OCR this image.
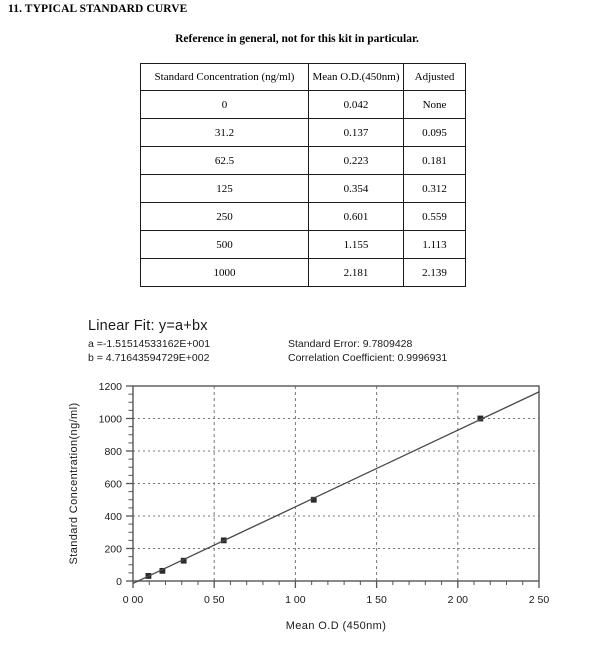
11. TYPICAL STANDARD CURVE
Reference in general, not for this kit in particular.
Standard Concentration (ng/ml)	Mean O.D.(450nm)	Adjusted
0	0.042	None
31.2	0.137	0.095
62.5	0.223	0.181
125	0.354	0.312
250	0.601	0.559
500	1.155	1.113
1000	2.181	2.139
Linear Fit: y=a+bx
a =-1.51514533162E+001	Standard Error: 9.7809428
b = 4.71643594729E+002	Correlation Coefficient: 0.9996931
0
200
400
600
800
1000
1200
0 00	0 50	1 00	1 50	2 00	2 50
Mean O.D (450nm)
Standard Concentration(ng/ml)
